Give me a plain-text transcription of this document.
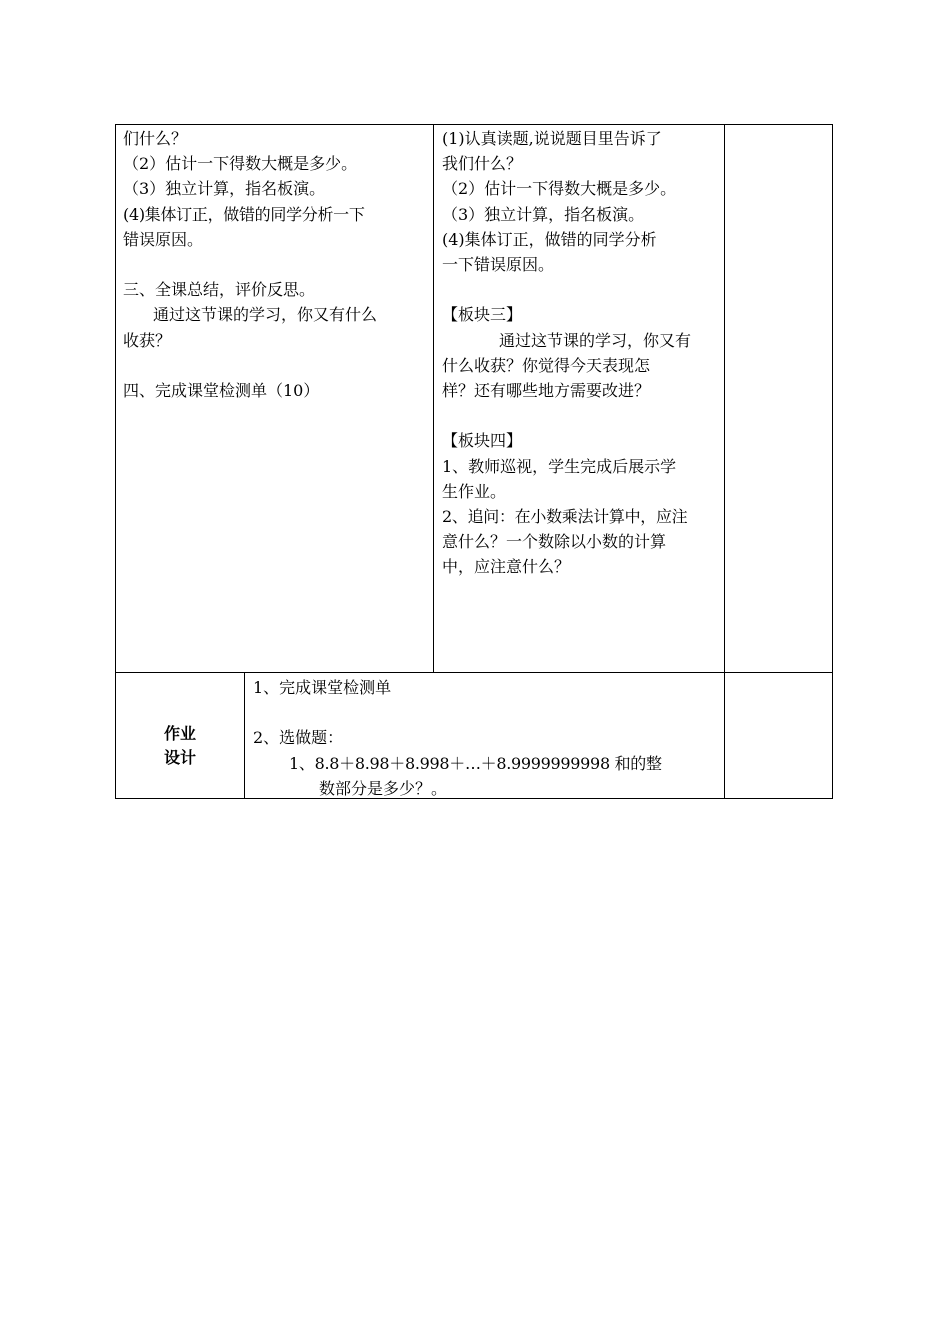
们什么？

（2）估计一下得数大概是多少。

（3）独立计算，指名板演。

(4)集体订正，做错的同学分析一下

错误原因。

三、全课总结，评价反思。

通过这节课的学习，你又有什么

收获？

四、完成课堂检测单（10）

(1)认真读题,说说题目里告诉了

我们什么？

（2）估计一下得数大概是多少。

（3）独立计算，指名板演。

(4)集体订正，做错的同学分析

一下错误原因。

【板块三】

通过这节课的学习，你又有

什么收获？你觉得今天表现怎

样？还有哪些地方需要改进？

【板块四】

1、教师巡视，学生完成后展示学

生作业。

2、追问：在小数乘法计算中，应注

意什么？一个数除以小数的计算

中，应注意什么？

作业
设计

1、完成课堂检测单

2、选做题：

1、8.8＋8.98＋8.998＋…＋8.9999999998 和的整

数部分是多少？。
